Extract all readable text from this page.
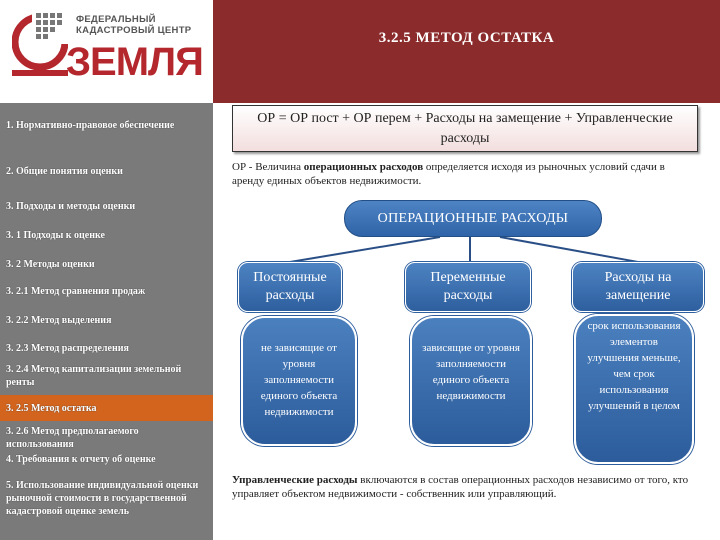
ФЕДЕРАЛЬНЫЙ
КАДАСТРОВЫЙ ЦЕНТР
ЗЕМЛЯ
3.2.5 МЕТОД ОСТАТКА
1. Нормативно-правовое обеспечение
2. Общие понятия оценки
3. Подходы и методы оценки
3. 1 Подходы к оценке
3. 2 Методы оценки
3. 2.1 Метод сравнения продаж
3. 2.2 Метод выделения
3. 2.3 Метод распределения
3. 2.4 Метод капитализации земельной ренты
3. 2.5 Метод остатка
3. 2.6 Метод предполагаемого использования
4. Требования к отчету об оценке
5. Использование индивидуальной оценки рыночной стоимости в государственной кадастровой оценке земель
ОР = ОР пост + ОР перем + Расходы на замещение + Управленческие расходы
ОР - Величина операционных расходов определяется исходя из рыночных условий сдачи в аренду единых объектов недвижимости.
ОПЕРАЦИОННЫЕ РАСХОДЫ
Постоянные расходы
Переменные расходы
Расходы на замещение
не зависящие от уровня заполняемости единого объекта недвижимости
зависящие от уровня заполняемости единого объекта недвижимости
срок использования элементов улучшения меньше, чем срок использования улучшений в целом
Управленческие расходы включаются в состав операционных расходов независимо от того, кто управляет объектом недвижимости - собственник или управляющий.
